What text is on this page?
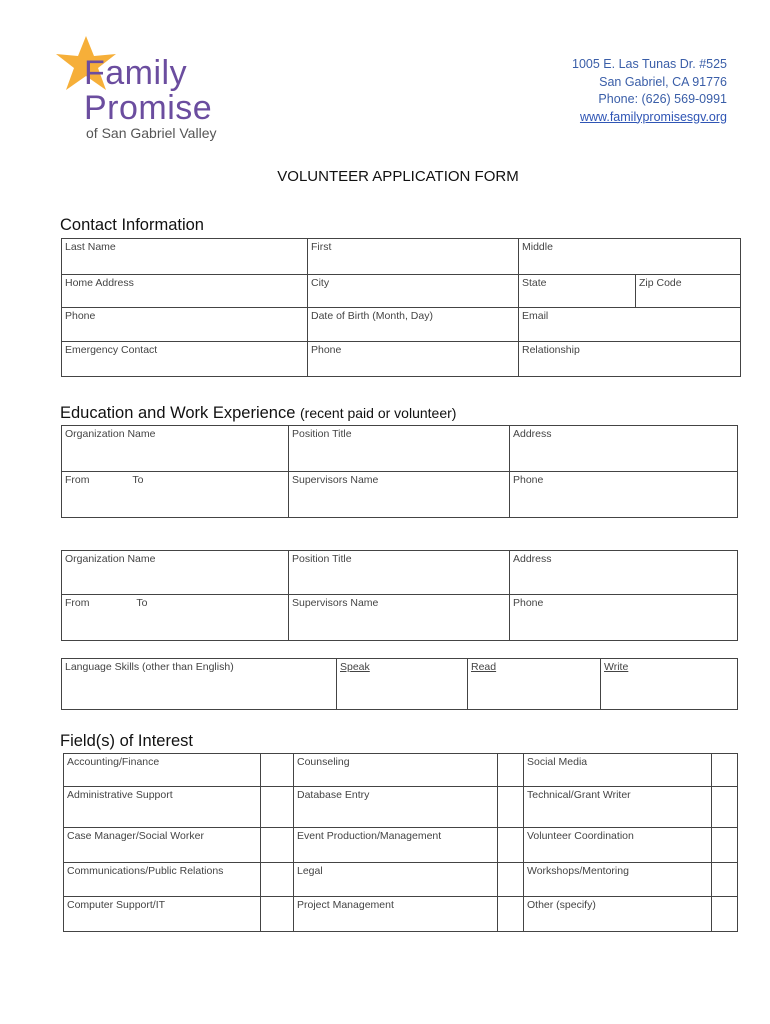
Family
Promise
of San Gabriel Valley
1005 E. Las Tunas Dr. #525
San Gabriel, CA 91776
Phone: (626) 569-0991
www.familypromisesgv.org
VOLUNTEER APPLICATION FORM
Contact Information
Last Name	First	Middle	

Home Address	City	State	Zip Code

Phone	Date of Birth (Month, Day)	Email	

Emergency Contact	Phone	Relationship	
Education and Work Experience (recent paid or volunteer)
Organization Name	Position Title	Address

From To	Supervisors Name	Phone
Organization Name	Position Title	Address

From To	Supervisors Name	Phone
Language Skills (other than English)	Speak	Read	Write
Field(s) of Interest
Accounting/Finance		Counseling		Social Media	

Administrative Support		Database Entry		Technical/Grant Writer	

Case Manager/Social Worker		Event Production/Management		Volunteer Coordination	

Communications/Public Relations		Legal		Workshops/Mentoring	

Computer Support/IT		Project Management		Other (specify)	
